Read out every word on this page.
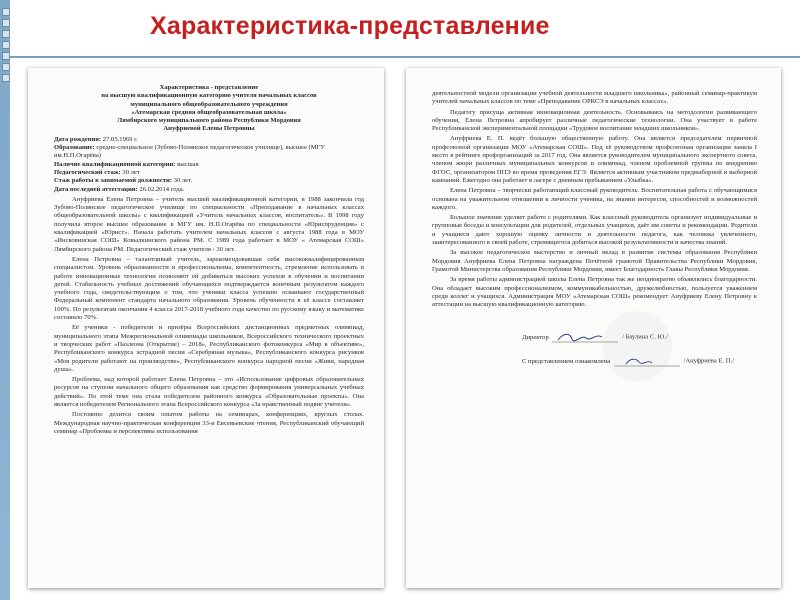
Характеристика-представление
Характеристика - представление
на высшую квалификационную категорию учителя начальных классов
муниципального общеобразовательного учреждения
«Атемарская средняя общеобразовательная школа»
Лямбирского муниципального района Республики Мордовия
Ануфриевой Елены Петровны

Дата рождения: 27.05.1969 г.

Образование: средне-специальное (Зубово-Полянское педагогическое училище), высшее (МГУ им.Н.П.Огарёва)

Наличие квалификационной категории: высшая

Педагогический стаж: 30 лет

Стаж работы в занимаемой должности: 30 лет.

Дата последней аттестации: 26.02.2014 года.

Ануфриева Елена Петровна – учитель высшей квалификационной категории, в 1988 закончила год Зубово-Полянское педагогическое училище по специальности «Преподавание в начальных классах общеобразовательной школы» с квалификацией «Учитель начальных классов, воспитатель». В 1998 году получила второе высшее образование в МГУ им. Н.П.Огарёва по специальности «Юриспруденция» с квалификацией «Юрист». Начала работать учителем начальных классов с августа 1988 года в МОУ «Инсковинская СОШ» Ковылкинского района РМ. С 1989 года работает в МОУ « Атемарская СОШ» Лямбирского района РМ. Педагогический стаж учителя - 30 лет.

Елена Петровна – талантливый учитель, зарекомендовавшая себя высококвалифицированным специалистом. Уровень образованности и профессионализма, компетентность, стремление использовать в работе инновационные технологии позволяют ей добиваться высоких успехов в обучении и воспитании детей. Стабильность учебных достижений обучающихся подтверждается конечным результатом каждого учебного года, свидетельствующим о том, что ученики класса успешно осваивают государственный Федеральный компонент стандарта начального образования. Уровень обученности в её классе составляет 100%. По результатам окончания 4 класса 2017-2018 учебного года качество по русскому языку и математике составило 70%.

Её ученики - победители и призёры Всероссийских дистанционных предметных олимпиад, муниципального этапа Межрегиональной олимпиады школьников, Всероссийского технического проектных и творческих работ «Пазлеона (Открытие) – 2018», Республиканского фотоконкурса «Мир в объективе», Республиканского конкурса эстрадной песни «Серебряная музыка», Республиканского конкурса рисунков «Моя родители работают на производстве», Республиканского конкурса народной песни «Живи, народная душа».

Проблема, над которой работает Елена Петровна – это «Использование цифровых образовательных ресурсов на ступени начального общего образования как средство формирования универсальных учебных действий». По этой теме она стала победителем районного конкурса «Образовательные проекты». Она является победителем Регионального этапа Всероссийского конкурса «За нравственный подвиг учителя».

Постоянно делится своим опытом работы на семинарах, конференциях, круглых столах. Международная научно-практическая конференция 33-и Евсевьевские чтения, Республиканский обучающий семинар «Проблемы и перспективы использования

деятельностной модели организации учебной деятельности младшего школьника», районный семинар-практикум учителей начальных классов по теме «Преподавание ОРКСЭ в начальных классах».

Педагогу присуща активная инновационная деятельность. Основываясь на методологии развивающего обучения, Елена Петровна апробирует различные педагогические технологии. Она участвует в работе Республиканской экспериментальной площадки «Трудовое воспитание младших школьников».

Ануфриева Е. П. ведёт большую общественную работу. Она является председателем первичной профсоюзной организации МОУ «Атемарская СОШ». Под её руководством профсоюзная организация заняла I место в рейтинге профорганизаций за 2017 год. Она является руководителем муниципального экспертного совета, членом жюри различных муниципальных конкурсов и олимпиад, членом проблемной группы по внедрению ФГОС, организатором ППЭ во время проведения ЕГЭ. Является активным участником предвыборной и выборной кампаний. Ежегодно она работает в лагере с дневным пребыванием «Улыбка».

Елена Петровна – творчески работающий классный руководитель. Воспитательная работа с обучающимися основана на уважительном отношении к личности ученика, на знании интересов, способностей и возможностей каждого.

Большое значение уделяет работе с родителями. Как классный руководитель организует индивидуальные и групповые беседы и консультации для родителей, отдельных учащихся, даёт им советы и рекомендации. Родители и учащиеся дают хорошую оценку личности и деятельности педагога, как человека увлеченного, заинтересованного в своей работе, стремящегося добиться высокой результативности и качества знаний.

За высокое педагогическое мастерство и личный вклад в развитие системы образования Республики Мордовия Ануфриева Елена Петровна награждена Почётной грамотой Правительства Республики Мордовия, Грамотой Министерства образования Республики Мордовия, имеет Благодарность Главы Республики Мордовия.

За время работы администрацией школы Елена Петровна так же неоднократно объявлялись благодарности. Она обладает высоким профессионализмом, коммуникабельностью, дружелюбностью, пользуется уважением среди коллег и учащихся. Администрация МОУ «Атемарская СОШ» рекомендует Ануфриеву Елену Петровну к аттестации на высшую квалификационную категорию.

Директор	/ Баулина С. Ю./
С представлением ознакомлена	/Ануфриева Е. П./
